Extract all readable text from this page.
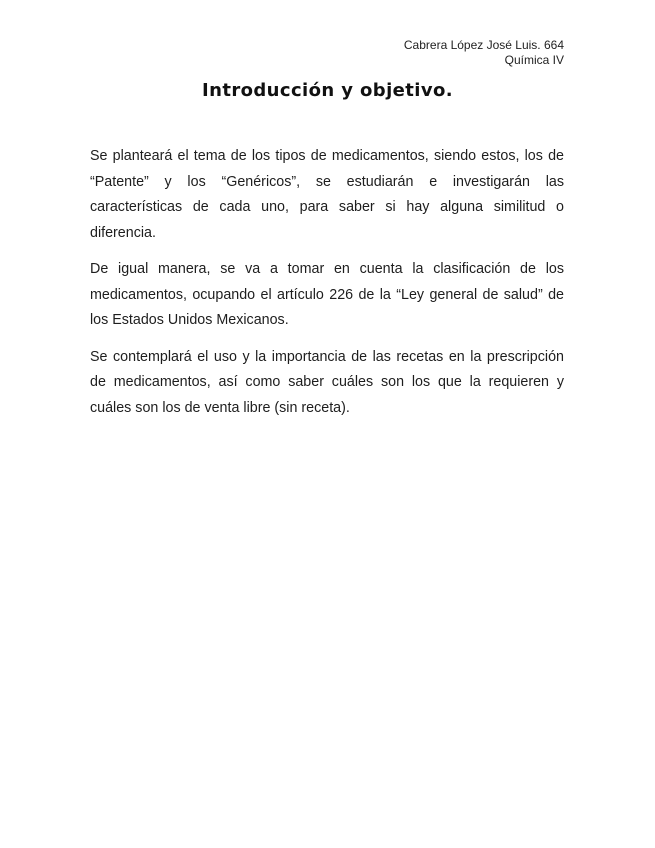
Cabrera López José Luis. 664
Química IV
Introducción y objetivo.

Se planteará el tema de los tipos de medicamentos, siendo estos, los de “Patente” y los “Genéricos”, se estudiarán e investigarán las características de cada uno, para saber si hay alguna similitud o diferencia.

De igual manera, se va a tomar en cuenta la clasificación de los medicamentos, ocupando el artículo 226 de la “Ley general de salud” de los Estados Unidos Mexicanos.

Se contemplará el uso y la importancia de las recetas en la prescripción de medicamentos, así como saber cuáles son los que la requieren y cuáles son los de venta libre (sin receta).
